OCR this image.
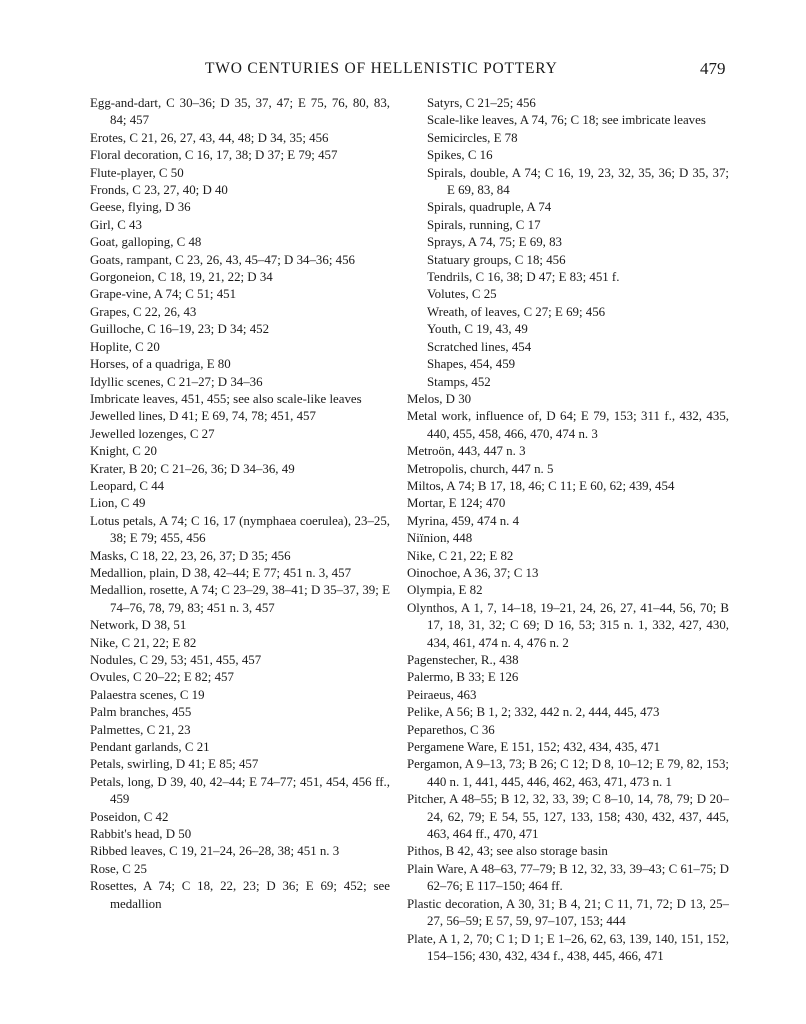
TWO CENTURIES OF HELLENISTIC POTTERY	479
Egg-and-dart, C 30–36; D 35, 37, 47; E 75, 76, 80, 83, 84; 457
Erotes, C 21, 26, 27, 43, 44, 48; D 34, 35; 456
Floral decoration, C 16, 17, 38; D 37; E 79; 457
Flute-player, C 50
Fronds, C 23, 27, 40; D 40
Geese, flying, D 36
Girl, C 43
Goat, galloping, C 48
Goats, rampant, C 23, 26, 43, 45–47; D 34–36; 456
Gorgoneion, C 18, 19, 21, 22; D 34
Grape-vine, A 74; C 51; 451
Grapes, C 22, 26, 43
Guilloche, C 16–19, 23; D 34; 452
Hoplite, C 20
Horses, of a quadriga, E 80
Idyllic scenes, C 21–27; D 34–36
Imbricate leaves, 451, 455; see also scale-like leaves
Jewelled lines, D 41; E 69, 74, 78; 451, 457
Jewelled lozenges, C 27
Knight, C 20
Krater, B 20; C 21–26, 36; D 34–36, 49
Leopard, C 44
Lion, C 49
Lotus petals, A 74; C 16, 17 (nymphaea coerulea), 23–25, 38; E 79; 455, 456
Masks, C 18, 22, 23, 26, 37; D 35; 456
Medallion, plain, D 38, 42–44; E 77; 451 n. 3, 457
Medallion, rosette, A 74; C 23–29, 38–41; D 35–37, 39; E 74–76, 78, 79, 83; 451 n. 3, 457
Network, D 38, 51
Nike, C 21, 22; E 82
Nodules, C 29, 53; 451, 455, 457
Ovules, C 20–22; E 82; 457
Palaestra scenes, C 19
Palm branches, 455
Palmettes, C 21, 23
Pendant garlands, C 21
Petals, swirling, D 41; E 85; 457
Petals, long, D 39, 40, 42–44; E 74–77; 451, 454, 456 ff., 459
Poseidon, C 42
Rabbit's head, D 50
Ribbed leaves, C 19, 21–24, 26–28, 38; 451 n. 3
Rose, C 25
Rosettes, A 74; C 18, 22, 23; D 36; E 69; 452; see medallion
Satyrs, C 21–25; 456
Scale-like leaves, A 74, 76; C 18; see imbricate leaves
Semicircles, E 78
Spikes, C 16
Spirals, double, A 74; C 16, 19, 23, 32, 35, 36; D 35, 37; E 69, 83, 84
Spirals, quadruple, A 74
Spirals, running, C 17
Sprays, A 74, 75; E 69, 83
Statuary groups, C 18; 456
Tendrils, C 16, 38; D 47; E 83; 451 f.
Volutes, C 25
Wreath, of leaves, C 27; E 69; 456
Youth, C 19, 43, 49
Scratched lines, 454
Shapes, 454, 459
Stamps, 452
Melos, D 30
Metal work, influence of, D 64; E 79, 153; 311 f., 432, 435, 440, 455, 458, 466, 470, 474 n. 3
Metroön, 443, 447 n. 3
Metropolis, church, 447 n. 5
Miltos, A 74; B 17, 18, 46; C 11; E 60, 62; 439, 454
Mortar, E 124; 470
Myrina, 459, 474 n. 4
Niïnion, 448
Nike, C 21, 22; E 82
Oinochoe, A 36, 37; C 13
Olympia, E 82
Olynthos, A 1, 7, 14–18, 19–21, 24, 26, 27, 41–44, 56, 70; B 17, 18, 31, 32; C 69; D 16, 53; 315 n. 1, 332, 427, 430, 434, 461, 474 n. 4, 476 n. 2
Pagenstecher, R., 438
Palermo, B 33; E 126
Peiraeus, 463
Pelike, A 56; B 1, 2; 332, 442 n. 2, 444, 445, 473
Peparethos, C 36
Pergamene Ware, E 151, 152; 432, 434, 435, 471
Pergamon, A 9–13, 73; B 26; C 12; D 8, 10–12; E 79, 82, 153; 440 n. 1, 441, 445, 446, 462, 463, 471, 473 n. 1
Pitcher, A 48–55; B 12, 32, 33, 39; C 8–10, 14, 78, 79; D 20–24, 62, 79; E 54, 55, 127, 133, 158; 430, 432, 437, 445, 463, 464 ff., 470, 471
Pithos, B 42, 43; see also storage basin
Plain Ware, A 48–63, 77–79; B 12, 32, 33, 39–43; C 61–75; D 62–76; E 117–150; 464 ff.
Plastic decoration, A 30, 31; B 4, 21; C 11, 71, 72; D 13, 25–27, 56–59; E 57, 59, 97–107, 153; 444
Plate, A 1, 2, 70; C 1; D 1; E 1–26, 62, 63, 139, 140, 151, 152, 154–156; 430, 432, 434 f., 438, 445, 466, 471
